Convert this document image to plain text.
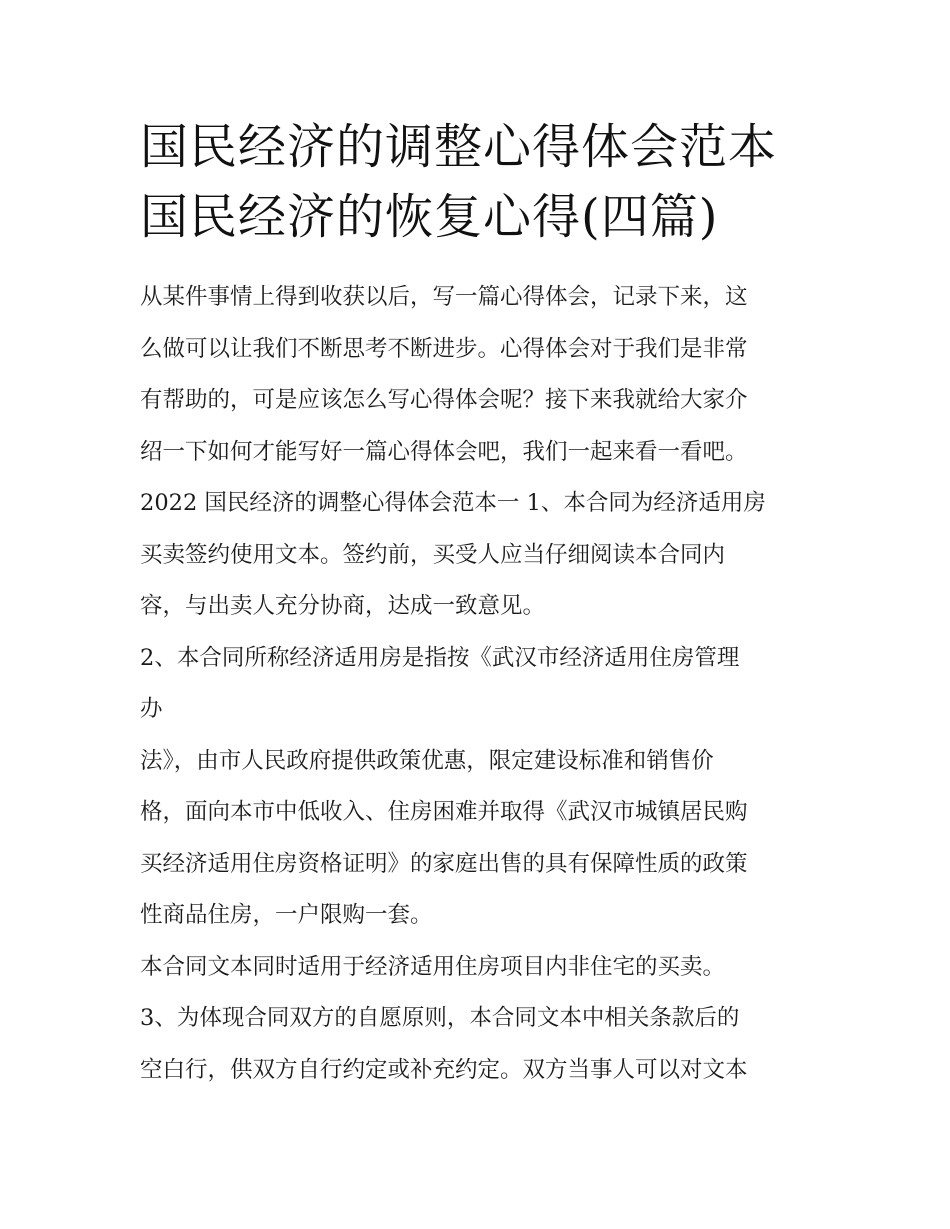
国民经济的调整心得体会范本
国民经济的恢复心得(四篇)
从某件事情上得到收获以后，写一篇心得体会，记录下来，这
么做可以让我们不断思考不断进步。心得体会对于我们是非常
有帮助的，可是应该怎么写心得体会呢？接下来我就给大家介
绍一下如何才能写好一篇心得体会吧，我们一起来看一看吧。
2022 国民经济的调整心得体会范本一 1、本合同为经济适用房
买卖签约使用文本。签约前，买受人应当仔细阅读本合同内
容，与出卖人充分协商，达成一致意见。
2、本合同所称经济适用房是指按《武汉市经济适用住房管理
办
法》，由市人民政府提供政策优惠，限定建设标准和销售价
格，面向本市中低收入、住房困难并取得《武汉市城镇居民购
买经济适用住房资格证明》的家庭出售的具有保障性质的政策
性商品住房，一户限购一套。
本合同文本同时适用于经济适用住房项目内非住宅的买卖。
3、为体现合同双方的自愿原则，本合同文本中相关条款后的
空白行，供双方自行约定或补充约定。双方当事人可以对文本
